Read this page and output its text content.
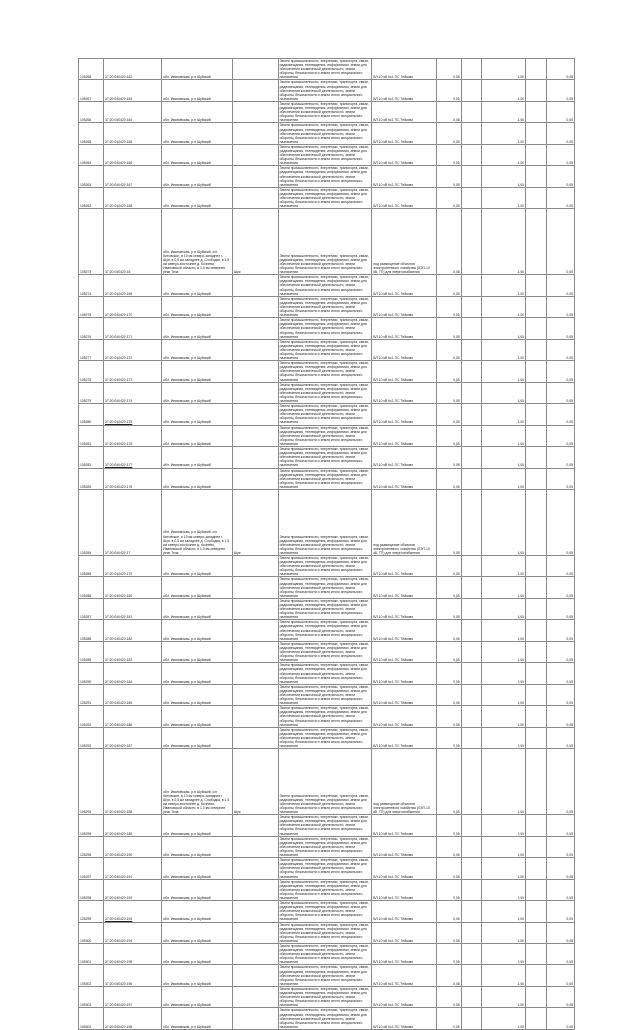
105268	37:20:040420:162	обл. Ивановская, р-н Шуйский		Земли промышленности, энергетики, транспорта, связи, радиовещания, телевидения, информатики, земли для обеспечения космической деятельности, земли обороны, безопасности и земли иного специального назначения	ВЛ-10 кВ №1 ПС Тейково	0,05		1,00		0,05
105267	37:20:040420:163	обл. Ивановская, р-н Шуйский		Земли промышленности, энергетики, транспорта, связи, радиовещания, телевидения, информатики, земли для обеспечения космической деятельности, земли обороны, безопасности и земли иного специального назначения	ВЛ-10 кВ №1 ПС Тейково	0,05		1,00		0,05
105266	37:20:040420:164	обл. Ивановская, р-н Шуйский		Земли промышленности, энергетики, транспорта, связи, радиовещания, телевидения, информатики, земли для обеспечения космической деятельности, земли обороны, безопасности и земли иного специального назначения	ВЛ-10 кВ №1 ПС Тейково	0,05		1,00		0,05
105265	37:20:040420:165	обл. Ивановская, р-н Шуйский		Земли промышленности, энергетики, транспорта, связи, радиовещания, телевидения, информатики, земли для обеспечения космической деятельности, земли обороны, безопасности и земли иного специального назначения	ВЛ-10 кВ №1 ПС Тейково	0,05		1,00		0,05
105264	37:20:040420:166	обл. Ивановская, р-н Шуйский		Земли промышленности, энергетики, транспорта, связи, радиовещания, телевидения, информатики, земли для обеспечения космической деятельности, земли обороны, безопасности и земли иного специального назначения	ВЛ-10 кВ №1 ПС Тейково	0,05		1,00		0,05
105263	37:20:040420:167	обл. Ивановская, р-н Шуйский		Земли промышленности, энергетики, транспорта, связи, радиовещания, телевидения, информатики, земли для обеспечения космической деятельности, земли обороны, безопасности и земли иного специального назначения	ВЛ-10 кВ №1 ПС Тейково	0,05		1,00		0,05
105262	37:20:040420:168	обл. Ивановская, р-н Шуйский		Земли промышленности, энергетики, транспорта, связи, радиовещания, телевидения, информатики, земли для обеспечения космической деятельности, земли обороны, безопасности и земли иного специального назначения	ВЛ-10 кВ №1 ПС Тейково	0,05		1,00		0,05
105273	37:20:040420:16	обл. Ивановская, р-н Шуйский, с/п Китовское, в 10 км северо-западнее г. Шуя, в 0,5 км западнее д. Слободка, в 1,5 км северо-восточнее д. Кочнево, Ивановской области, в 1,0 км севернее реки Теза	Шуя	Земли промышленности, энергетики, транспорта, связи, радиовещания, телевидения, информатики, земли для обеспечения космической деятельности, земли обороны, безопасности и земли иного специального назначения	под размещение объектов электросетевого хозяйства (ЛЭП-10 кВ, ТП) для энергоснабжения	0,05		1,00		0,05
105274	37:20:040420:169	обл. Ивановская, р-н Шуйский		Земли промышленности, энергетики, транспорта, связи, радиовещания, телевидения, информатики, земли для обеспечения космической деятельности, земли обороны, безопасности и земли иного специального назначения	ВЛ-10 кВ №1 ПС Тейково	0,05		1,00		0,05
105275	37:20:040420:170	обл. Ивановская, р-н Шуйский		Земли промышленности, энергетики, транспорта, связи, радиовещания, телевидения, информатики, земли для обеспечения космической деятельности, земли обороны, безопасности и земли иного специального назначения	ВЛ-10 кВ №1 ПС Тейково	0,05		1,00		0,05
105276	37:20:040420:171	обл. Ивановская, р-н Шуйский		Земли промышленности, энергетики, транспорта, связи, радиовещания, телевидения, информатики, земли для обеспечения космической деятельности, земли обороны, безопасности и земли иного специального назначения	ВЛ-10 кВ №1 ПС Тейково	0,05		1,00		0,05
105277	37:20:040420:172	обл. Ивановская, р-н Шуйский		Земли промышленности, энергетики, транспорта, связи, радиовещания, телевидения, информатики, земли для обеспечения космической деятельности, земли обороны, безопасности и земли иного специального назначения	ВЛ-10 кВ №1 ПС Тейково	0,05		1,00		0,05
105278	37:20:040420:173	обл. Ивановская, р-н Шуйский		Земли промышленности, энергетики, транспорта, связи, радиовещания, телевидения, информатики, земли для обеспечения космической деятельности, земли обороны, безопасности и земли иного специального назначения	ВЛ-10 кВ №1 ПС Тейково	0,05		1,00		0,05
105279	37:20:040420:174	обл. Ивановская, р-н Шуйский		Земли промышленности, энергетики, транспорта, связи, радиовещания, телевидения, информатики, земли для обеспечения космической деятельности, земли обороны, безопасности и земли иного специального назначения	ВЛ-10 кВ №1 ПС Тейково	0,05		1,00		0,05
105280	37:20:040420:175	обл. Ивановская, р-н Шуйский		Земли промышленности, энергетики, транспорта, связи, радиовещания, телевидения, информатики, земли для обеспечения космической деятельности, земли обороны, безопасности и земли иного специального назначения	ВЛ-10 кВ №1 ПС Тейково	0,05		1,00		0,05
105281	37:20:040420:176	обл. Ивановская, р-н Шуйский		Земли промышленности, энергетики, транспорта, связи, радиовещания, телевидения, информатики, земли для обеспечения космической деятельности, земли обороны, безопасности и земли иного специального назначения	ВЛ-10 кВ №1 ПС Тейково	0,05		1,00		0,05
105282	37:20:040420:177	обл. Ивановская, р-н Шуйский		Земли промышленности, энергетики, транспорта, связи, радиовещания, телевидения, информатики, земли для обеспечения космической деятельности, земли обороны, безопасности и земли иного специального назначения	ВЛ-10 кВ №1 ПС Тейково	0,05		1,00		0,05
105283	37:20:040420:178	обл. Ивановская, р-н Шуйский		Земли промышленности, энергетики, транспорта, связи, радиовещания, телевидения, информатики, земли для обеспечения космической деятельности, земли обороны, безопасности и земли иного специального назначения	ВЛ-10 кВ №1 ПС Тейково	0,05		1,00		0,05
105284	37:20:040420:17	обл. Ивановская, р-н Шуйский, с/п Китовское, в 10 км северо-западнее г. Шуя, в 0,5 км западнее д. Слободка, в 1,5 км северо-восточнее д. Кочнево, Ивановской области, в 1,0 км севернее реки Теза	Шуя	Земли промышленности, энергетики, транспорта, связи, радиовещания, телевидения, информатики, земли для обеспечения космической деятельности, земли обороны, безопасности и земли иного специального назначения	под размещение объектов электросетевого хозяйства (ЛЭП-10 кВ, ТП) для энергоснабжения	0,05		1,00		0,05
105285	37:20:040420:179	обл. Ивановская, р-н Шуйский		Земли промышленности, энергетики, транспорта, связи, радиовещания, телевидения, информатики, земли для обеспечения космической деятельности, земли обороны, безопасности и земли иного специального назначения	ВЛ-10 кВ №1 ПС Тейково	0,05		1,00		0,05
105286	37:20:040420:180	обл. Ивановская, р-н Шуйский		Земли промышленности, энергетики, транспорта, связи, радиовещания, телевидения, информатики, земли для обеспечения космической деятельности, земли обороны, безопасности и земли иного специального назначения	ВЛ-10 кВ №1 ПС Тейково	0,05		1,00		0,05
105287	37:20:040420:181	обл. Ивановская, р-н Шуйский		Земли промышленности, энергетики, транспорта, связи, радиовещания, телевидения, информатики, земли для обеспечения космической деятельности, земли обороны, безопасности и земли иного специального назначения	ВЛ-10 кВ №1 ПС Тейково	0,05		1,00		0,05
105288	37:20:040420:182	обл. Ивановская, р-н Шуйский		Земли промышленности, энергетики, транспорта, связи, радиовещания, телевидения, информатики, земли для обеспечения космической деятельности, земли обороны, безопасности и земли иного специального назначения	ВЛ-10 кВ №1 ПС Тейково	0,05		1,00		0,05
105289	37:20:040420:183	обл. Ивановская, р-н Шуйский		Земли промышленности, энергетики, транспорта, связи, радиовещания, телевидения, информатики, земли для обеспечения космической деятельности, земли обороны, безопасности и земли иного специального назначения	ВЛ-10 кВ №1 ПС Тейково	0,05		1,00		0,05
105290	37:20:040420:184	обл. Ивановская, р-н Шуйский		Земли промышленности, энергетики, транспорта, связи, радиовещания, телевидения, информатики, земли для обеспечения космической деятельности, земли обороны, безопасности и земли иного специального назначения	ВЛ-10 кВ №1 ПС Тейково	0,05		1,00		0,05
105291	37:20:040420:185	обл. Ивановская, р-н Шуйский		Земли промышленности, энергетики, транспорта, связи, радиовещания, телевидения, информатики, земли для обеспечения космической деятельности, земли обороны, безопасности и земли иного специального назначения	ВЛ-10 кВ №1 ПС Тейково	0,05		1,00		0,05
105292	37:20:040420:186	обл. Ивановская, р-н Шуйский		Земли промышленности, энергетики, транспорта, связи, радиовещания, телевидения, информатики, земли для обеспечения космической деятельности, земли обороны, безопасности и земли иного специального назначения	ВЛ-10 кВ №1 ПС Тейково	0,05		1,00		0,05
105293	37:20:040420:187	обл. Ивановская, р-н Шуйский		Земли промышленности, энергетики, транспорта, связи, радиовещания, телевидения, информатики, земли для обеспечения космической деятельности, земли обороны, безопасности и земли иного специального назначения	ВЛ-10 кВ №1 ПС Тейково	0,05		1,00		0,05
105294	37:20:040420:188	обл. Ивановская, р-н Шуйский, с/п Китовское, в 10 км северо-западнее г. Шуя, в 0,5 км западнее д. Слободка, в 1,5 км северо-восточнее д. Кочнево, Ивановской области, в 1,0 км севернее реки Теза	Шуя	Земли промышленности, энергетики, транспорта, связи, радиовещания, телевидения, информатики, земли для обеспечения космической деятельности, земли обороны, безопасности и земли иного специального назначения	под размещение объектов электросетевого хозяйства (ЛЭП-10 кВ, ТП) для энергоснабжения	0,05		1,00		0,05
105295	37:20:040420:189	обл. Ивановская, р-н Шуйский		Земли промышленности, энергетики, транспорта, связи, радиовещания, телевидения, информатики, земли для обеспечения космической деятельности, земли обороны, безопасности и земли иного специального назначения	ВЛ-10 кВ №1 ПС Тейково	0,05		1,00		0,05
105296	37:20:040420:190	обл. Ивановская, р-н Шуйский		Земли промышленности, энергетики, транспорта, связи, радиовещания, телевидения, информатики, земли для обеспечения космической деятельности, земли обороны, безопасности и земли иного специального назначения	ВЛ-10 кВ №1 ПС Тейково	0,05		1,00		0,05
105297	37:20:040420:191	обл. Ивановская, р-н Шуйский		Земли промышленности, энергетики, транспорта, связи, радиовещания, телевидения, информатики, земли для обеспечения космической деятельности, земли обороны, безопасности и земли иного специального назначения	ВЛ-10 кВ №1 ПС Тейково	0,05		1,00		0,05
105298	37:20:040420:192	обл. Ивановская, р-н Шуйский		Земли промышленности, энергетики, транспорта, связи, радиовещания, телевидения, информатики, земли для обеспечения космической деятельности, земли обороны, безопасности и земли иного специального назначения	ВЛ-10 кВ №1 ПС Тейково	0,05		1,00		0,05
105299	37:20:040420:193	обл. Ивановская, р-н Шуйский		Земли промышленности, энергетики, транспорта, связи, радиовещания, телевидения, информатики, земли для обеспечения космической деятельности, земли обороны, безопасности и земли иного специального назначения	ВЛ-10 кВ №1 ПС Тейково	0,05		1,00		0,05
105300	37:20:040420:194	обл. Ивановская, р-н Шуйский		Земли промышленности, энергетики, транспорта, связи, радиовещания, телевидения, информатики, земли для обеспечения космической деятельности, земли обороны, безопасности и земли иного специального назначения	ВЛ-10 кВ №1 ПС Тейково	0,05		1,00		0,05
105301	37:20:040420:195	обл. Ивановская, р-н Шуйский		Земли промышленности, энергетики, транспорта, связи, радиовещания, телевидения, информатики, земли для обеспечения космической деятельности, земли обороны, безопасности и земли иного специального назначения	ВЛ-10 кВ №1 ПС Тейково	0,05		1,00		0,05
105302	37:20:040420:196	обл. Ивановская, р-н Шуйский		Земли промышленности, энергетики, транспорта, связи, радиовещания, телевидения, информатики, земли для обеспечения космической деятельности, земли обороны, безопасности и земли иного специального назначения	ВЛ-10 кВ №1 ПС Тейково	0,05		1,00		0,05
105303	37:20:040420:197	обл. Ивановская, р-н Шуйский		Земли промышленности, энергетики, транспорта, связи, радиовещания, телевидения, информатики, земли для обеспечения космической деятельности, земли обороны, безопасности и земли иного специального назначения	ВЛ-10 кВ №1 ПС Тейково	0,05		1,00		0,05
105304	37:20:040420:198	обл. Ивановская, р-н Шуйский		Земли промышленности, энергетики, транспорта, связи, радиовещания, телевидения, информатики, земли для обеспечения космической деятельности, земли обороны, безопасности и земли иного специального назначения	ВЛ-10 кВ №1 ПС Тейково	0,05		1,00		0,05
